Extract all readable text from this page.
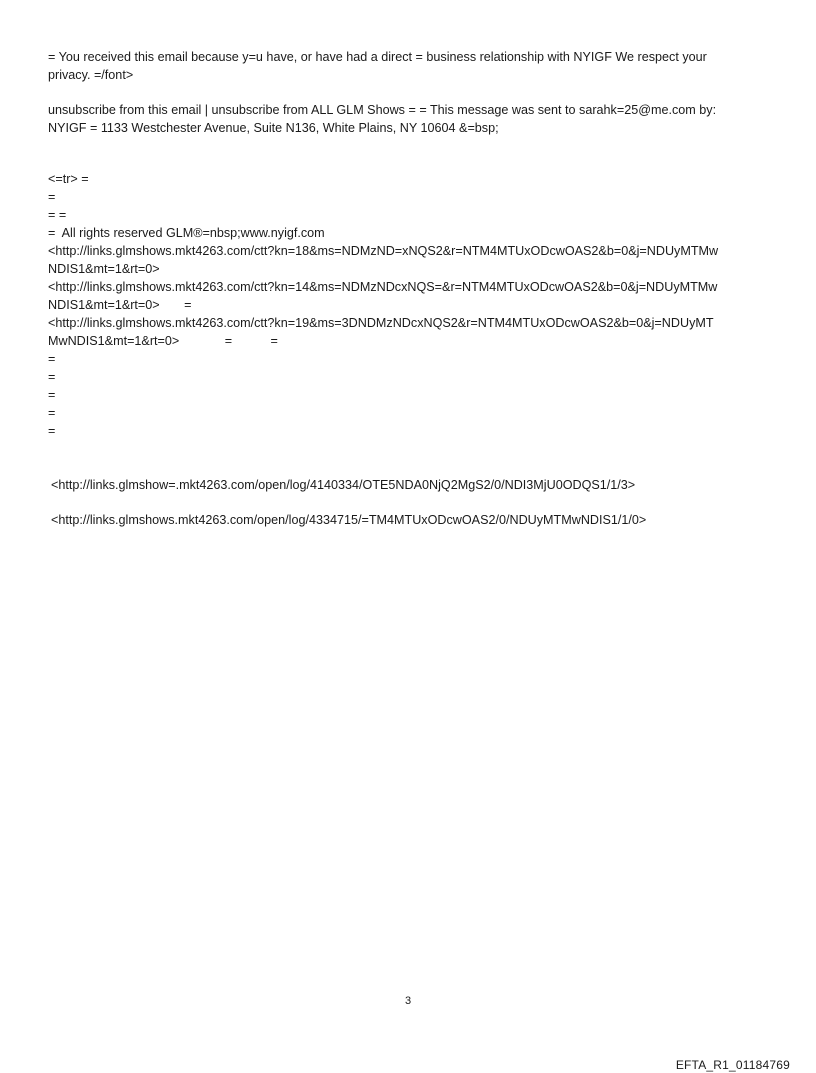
= You received this email because y=u have, or have had a direct = business relationship with NYIGF We respect your
privacy. =/font>
unsubscribe from this email | unsubscribe from ALL GLM Shows = = This message was sent to sarahk=25@me.com by:
NYIGF = 1133 Westchester Avenue, Suite N136, White Plains, NY 10604 &=bsp;
<=tr> =
=
= =
=  All rights reserved GLM®=nbsp;www.nyigf.com
<http://links.glmshows.mkt4263.com/ctt?kn=18&ms=NDMzND=xNQS2&r=NTM4MTUxODcwOAS2&b=0&j=NDUyMTMw
NDIS1&mt=1&rt=0>
<http://links.glmshows.mkt4263.com/ctt?kn=14&ms=NDMzNDcxNQS=&r=NTM4MTUxODcwOAS2&b=0&j=NDUyMTMw
NDIS1&mt=1&rt=0>       =
<http://links.glmshows.mkt4263.com/ctt?kn=19&ms=3DNDMzNDcxNQS2&r=NTM4MTUxODcwOAS2&b=0&j=NDUyMT
MwNDIS1&mt=1&rt=0>             =           =
=
=
=
=
=
<http://links.glmshow=.mkt4263.com/open/log/4140334/OTE5NDA0NjQ2MgS2/0/NDI3MjU0ODQS1/1/3>
<http://links.glmshows.mkt4263.com/open/log/4334715/=TM4MTUxODcwOAS2/0/NDUyMTMwNDIS1/1/0>
3
EFTA_R1_01184769
